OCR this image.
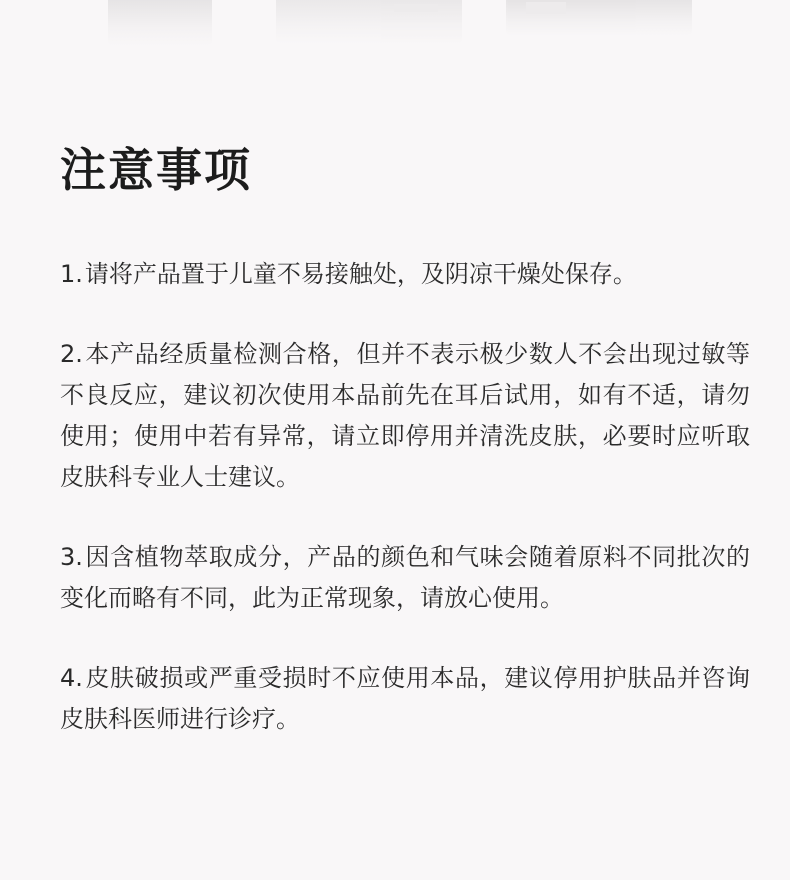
注意事项
1.请将产品置于儿童不易接触处，及阴凉干燥处保存。
2.本产品经质量检测合格，但并不表示极少数人不会出现过敏等不良反应，建议初次使用本品前先在耳后试用，如有不适，请勿使用；使用中若有异常，请立即停用并清洗皮肤，必要时应听取皮肤科专业人士建议。
3.因含植物萃取成分，产品的颜色和气味会随着原料不同批次的变化而略有不同，此为正常现象，请放心使用。
4.皮肤破损或严重受损时不应使用本品，建议停用护肤品并咨询皮肤科医师进行诊疗。
